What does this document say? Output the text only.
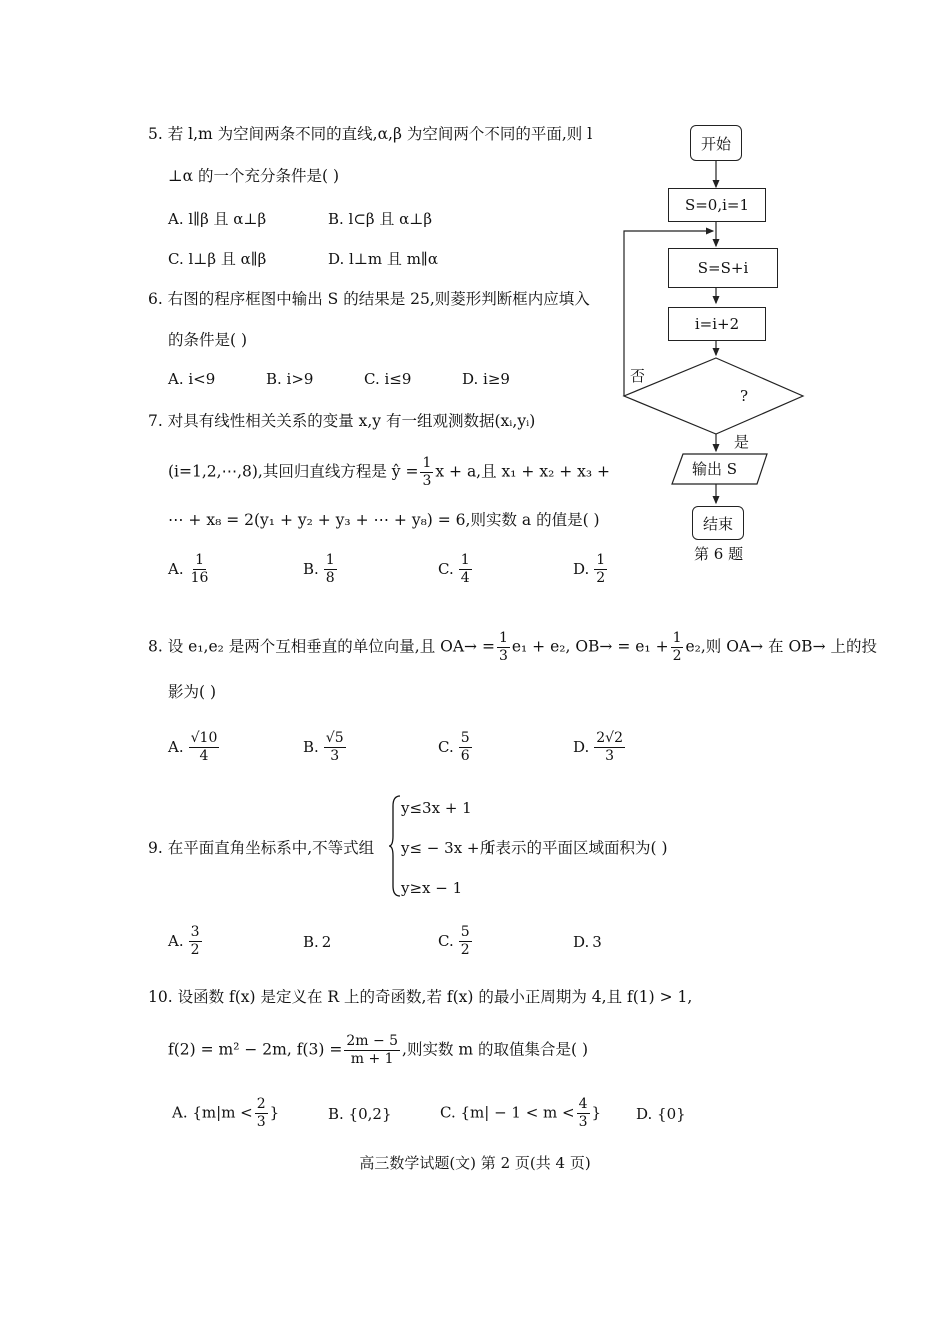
5. 若 l,m 为空间两条不同的直线,α,β 为空间两个不同的平面,则 l
⊥α 的一个充分条件是( )
A. l∥β 且 α⊥β	B. l⊂β 且 α⊥β
C. l⊥β 且 α∥β	D. l⊥m 且 m∥α
6. 右图的程序框图中输出 S 的结果是 25,则菱形判断框内应填入
的条件是( )
A. i<9	B. i>9	C. i≤9	D. i≥9
开始
S=0,i=1
S=S+i
i=i+2
?
否
是
输出 S
结束
第 6 题
7. 对具有线性相关关系的变量 x,y 有一组观测数据(xᵢ,yᵢ)
(i=1,2,⋯,8),其回归直线方程是 ŷ = $\frac{1}{3}$ x + a,且 x₁ + x₂ + x₃ +
⋯ + x₈ = 2(y₁ + y₂ + y₃ + ⋯ + y₈) = 6,则实数 a 的值是( )
A. $\frac{1}{16}$	B. $\frac{1}{8}$	C. $\frac{1}{4}$	D. $\frac{1}{2}$
8. 设 e₁,e₂ 是两个互相垂直的单位向量,且 $OA\to = \frac{1}{3} e_1 + e_2$, $OB\to = e_1 + \frac{1}{2} e_2$,则 OA→ 在 OB→ 上的投
影为( )
A. $\frac{√10}{4}$	B. $\frac{√5}{3}$	C. $\frac{5}{6}$	D. $\frac{2√2}{3}$
9. 在平面直角坐标系中,不等式组
y≤3x + 1
y≤ − 3x + 1
y≥x − 1
所表示的平面区域面积为( )
A. $\frac{3}{2}$	B. 2	C. $\frac{5}{2}$	D. 3
10. 设函数 f(x) 是定义在 R 上的奇函数,若 f(x) 的最小正周期为 4,且 f(1) > 1,
f(2) = m² − 2m, $f(3) = \frac{2m - 5}{m + 1}$ ,则实数 m 的取值集合是( )
A. {$m|m < \frac{2}{3}$ }	B. {0,2}	C. {$m| - 1 < m < \frac{4}{3}$ } D. {0}
高三数学试题(文) 第 2 页(共 4 页)
